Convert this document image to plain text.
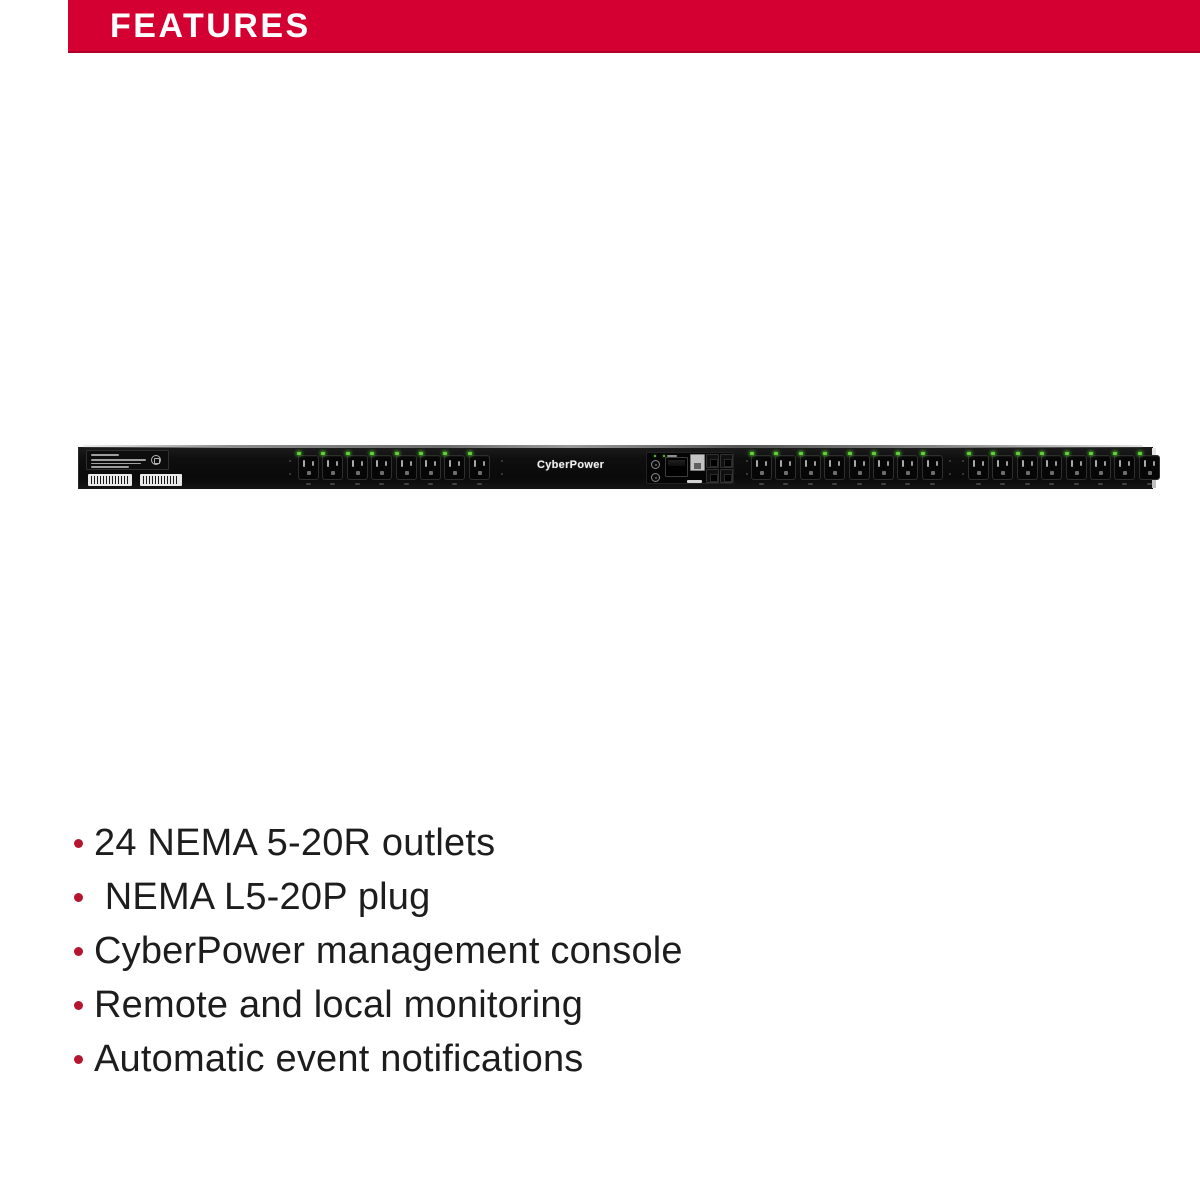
FEATURES
CyberPower
24 NEMA 5-20R outlets
NEMA L5-20P plug
CyberPower management console
Remote and local monitoring
Automatic event notifications
